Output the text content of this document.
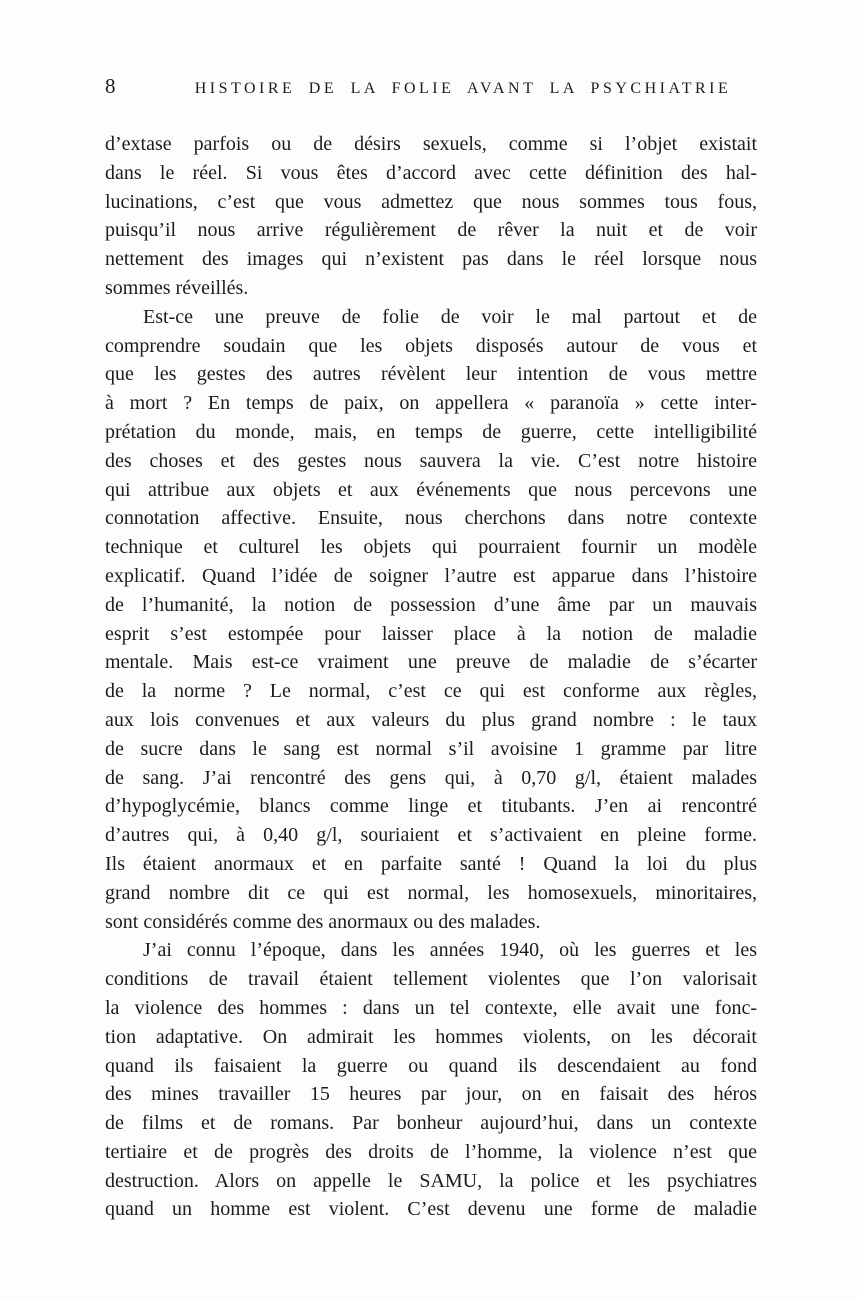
8	HISTOIRE DE LA FOLIE AVANT LA PSYCHIATRIE
d’extase parfois ou de désirs sexuels, comme si l’objet existait
dans le réel. Si vous êtes d’accord avec cette définition des hal-
lucinations, c’est que vous admettez que nous sommes tous fous,
puisqu’il nous arrive régulièrement de rêver la nuit et de voir
nettement des images qui n’existent pas dans le réel lorsque nous
sommes réveillés.
Est-ce une preuve de folie de voir le mal partout et de
comprendre soudain que les objets disposés autour de vous et
que les gestes des autres révèlent leur intention de vous mettre
à mort ? En temps de paix, on appellera « paranoïa » cette inter-
prétation du monde, mais, en temps de guerre, cette intelligibilité
des choses et des gestes nous sauvera la vie. C’est notre histoire
qui attribue aux objets et aux événements que nous percevons une
connotation affective. Ensuite, nous cherchons dans notre contexte
technique et culturel les objets qui pourraient fournir un modèle
explicatif. Quand l’idée de soigner l’autre est apparue dans l’histoire
de l’humanité, la notion de possession d’une âme par un mauvais
esprit s’est estompée pour laisser place à la notion de maladie
mentale. Mais est-ce vraiment une preuve de maladie de s’écarter
de la norme ? Le normal, c’est ce qui est conforme aux règles,
aux lois convenues et aux valeurs du plus grand nombre : le taux
de sucre dans le sang est normal s’il avoisine 1 gramme par litre
de sang. J’ai rencontré des gens qui, à 0,70 g/l, étaient malades
d’hypoglycémie, blancs comme linge et titubants. J’en ai rencontré
d’autres qui, à 0,40 g/l, souriaient et s’activaient en pleine forme.
Ils étaient anormaux et en parfaite santé ! Quand la loi du plus
grand nombre dit ce qui est normal, les homosexuels, minoritaires,
sont considérés comme des anormaux ou des malades.
J’ai connu l’époque, dans les années 1940, où les guerres et les
conditions de travail étaient tellement violentes que l’on valorisait
la violence des hommes : dans un tel contexte, elle avait une fonc-
tion adaptative. On admirait les hommes violents, on les décorait
quand ils faisaient la guerre ou quand ils descendaient au fond
des mines travailler 15 heures par jour, on en faisait des héros
de films et de romans. Par bonheur aujourd’hui, dans un contexte
tertiaire et de progrès des droits de l’homme, la violence n’est que
destruction. Alors on appelle le SAMU, la police et les psychiatres
quand un homme est violent. C’est devenu une forme de maladie
